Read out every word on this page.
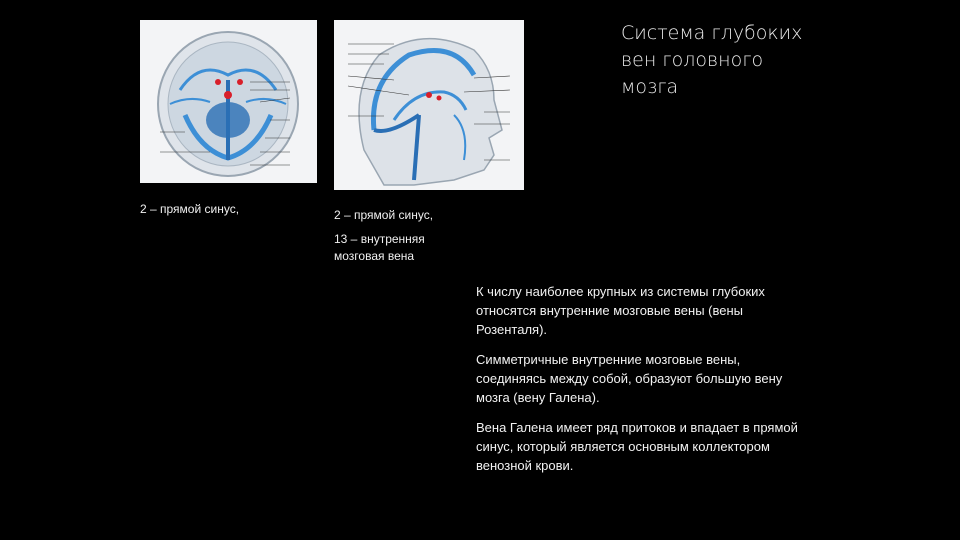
Система глубоких
вен головного
мозга
2 – прямой синус,	2 – прямой синус,
13 – внутренняя мозговая вена
К числу наиболее крупных из системы глубоких относятся внутренние мозговые вены (вены Розенталя).
Симметричные внутренние мозговые вены, соединяясь между собой, образуют большую вену мозга (вену Галена).
Вена Галена имеет ряд притоков и впадает в прямой синус, который является основным коллектором венозной крови.
